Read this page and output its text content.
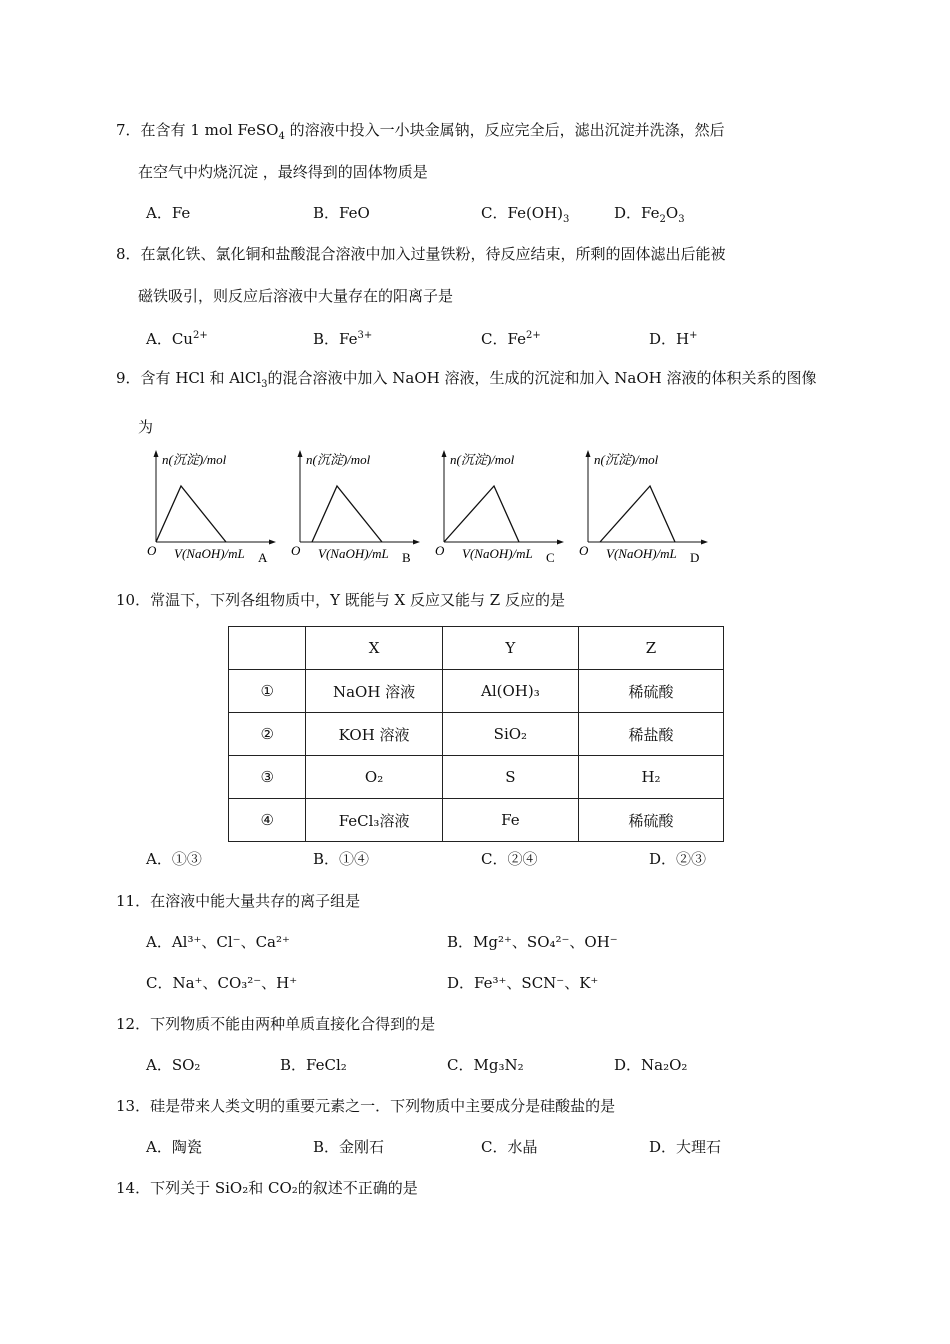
7．在含有 1 mol FeSO$_4$ 的溶液中投入一小块金属钠，反应完全后，滤出沉淀并洗涤，然后
在空气中灼烧沉淀 ，最终得到的固体物质是
A．Fe	B．FeO	C．$Fe(OH)_3$	D．$Fe_2O_3$
8．在氯化铁、氯化铜和盐酸混合溶液中加入过量铁粉，待反应结束，所剩的固体滤出后能被
磁铁吸引，则反应后溶液中大量存在的阳离子是
A．$Cu^{2+}$	B．$Fe^{3+}$	C．$Fe^{2+}$	D．H+
9．含有 HCl 和 AlCl$_3$的混合溶液中加入 NaOH 溶液，生成的沉淀和加入 NaOH 溶液的体积关系的图像
为
n(沉淀)/mol
O V(NaOH)/mL A
n(沉淀)/mol
O V(NaOH)/mL B
n(沉淀)/mol
O V(NaOH)/mL C
n(沉淀)/mol
O V(NaOH)/mL D
10．常温下，下列各组物质中，Y 既能与 X 反应又能与 Z 反应的是
	X	Y	Z
①	NaOH 溶液	Al(OH)₃	稀硫酸
②	KOH 溶液	SiO₂	稀盐酸
③	O₂	S	H₂
④	FeCl₃溶液	Fe	稀硫酸
A．①③	B．①④	C．②④	D．②③
11．在溶液中能大量共存的离子组是
A．Al³⁺、Cl⁻、Ca²⁺	B．Mg²⁺、SO₄²⁻、OH⁻
C．Na⁺、CO₃²⁻、H⁺	D．Fe³⁺、SCN⁻、K⁺
12．下列物质不能由两种单质直接化合得到的是
A．SO₂	B．FeCl₂	C．Mg₃N₂	D．Na₂O₂
13．硅是带来人类文明的重要元素之一．下列物质中主要成分是硅酸盐的是
A．陶瓷	B．金刚石	C．水晶	D．大理石
14．下列关于 SiO₂和 CO₂的叙述不正确的是
